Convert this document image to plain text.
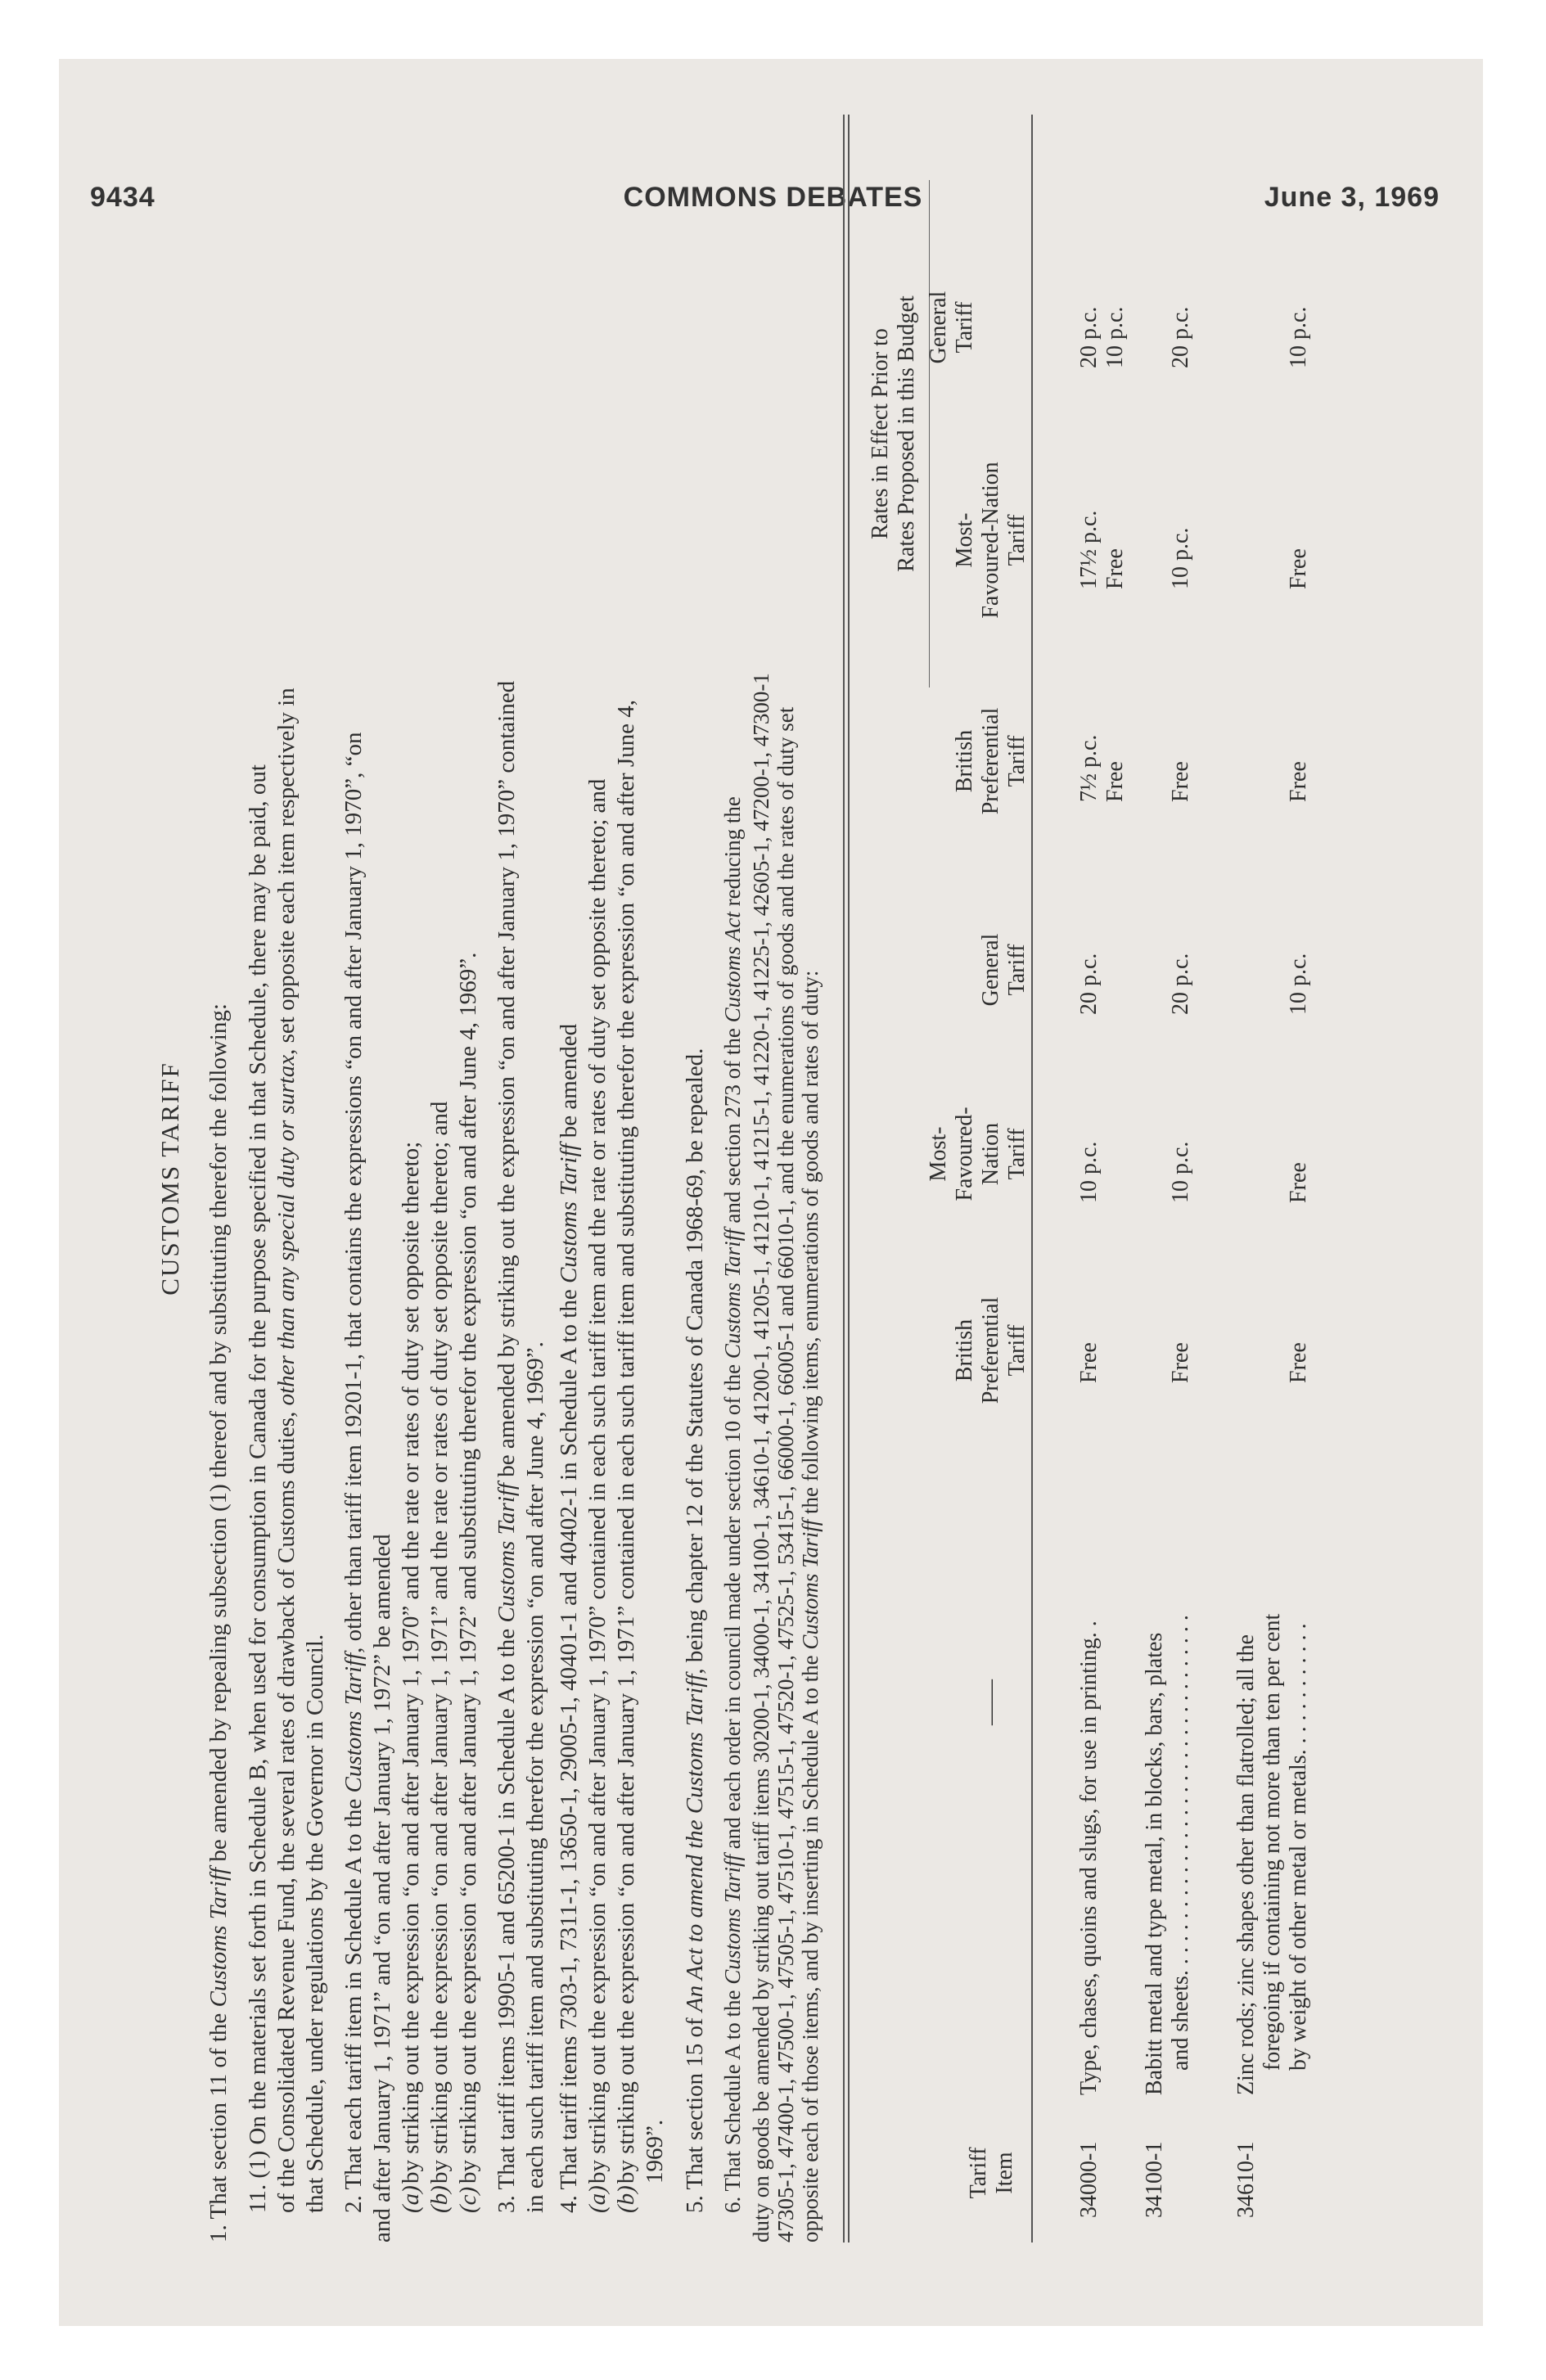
9434	COMMONS DEBATES	June 3, 1969
CUSTOMS TARIFF

1. That section 11 of the Customs Tariff be amended by repealing subsection (1) thereof and by substituting therefor the following: 11. (1) On the materials set forth in Schedule B, when used for consumption in Canada for the purpose specified in that Schedule, there may be paid, out of the Consolidated Revenue Fund, the several rates of drawback of Customs duties, other than any special duty or surtax, set opposite each item respectively in

that Schedule, under regulations by the Governor in Council. 2. That each tariff item in Schedule A to the Customs Tariff, other than tariff item 19201-1, that contains the expressions “on and after January 1, 1970”, “on

and after January 1, 1971” and “on and after January 1, 1972” be amended (a)by striking out the expression “on and after January 1, 1970” and the rate or rates of duty set opposite thereto;

(b)by striking out the expression “on and after January 1, 1971” and the rate or rates of duty set opposite thereto; and

(c)by striking out the expression “on and after January 1, 1972” and substituting therefor the expression “on and after June 4, 1969”. 3. That tariff items 19905-1 and 65200-1 in Schedule A to the Customs Tariff be amended by striking out the expression “on and after January 1, 1970” contained

in each such tariff item and substituting therefor the expression “on and after June 4, 1969”. 4. That tariff items 7303-1, 7311-1, 13650-1, 29005-1, 40401-1 and 40402-1 in Schedule A to the Customs Tariff be amended

(a)by striking out the expression “on and after January 1, 1970” contained in each such tariff item and the rate or rates of duty set opposite thereto; and

(b)by striking out the expression “on and after January 1, 1971” contained in each such tariff item and substituting therefor the expression “on and after June 4, 1969”. 5. That section 15 of An Act to amend the Customs Tariff, being chapter 12 of the Statutes of Canada 1968-69, be repealed.

6. That Schedule A to the Customs Tariff and each order in council made under section 10 of the Customs Tariff and section 273 of the Customs Act reducing the duty on goods be amended by striking out tariff items 30200-1, 34000-1, 34100-1, 34610-1, 41200-1, 41205-1, 41210-1, 41215-1, 41220-1, 41225-1, 42605-1, 47200-1, 47300-1 47305-1, 47400-1, 47500-1, 47505-1, 47510-1, 47515-1, 47520-1, 47525-1, 53415-1, 66000-1, 66005-1 and 66010-1, and the enumerations of goods and the rates of duty set opposite each of those items, and by inserting in Schedule A to the Customs Tariff the following items, enumerations of goods and rates of duty:
Rates in Effect Prior to Rates Proposed in this Budget
Tariff Item
——
British Preferential Tariff
Most- Favoured- Nation Tariff
General Tariff
British Preferential Tariff
Most- Favoured-Nation Tariff
General Tariff
34000-1
Type, chases, quoins and slugs, for use in printing. .
Free
10 p.c.
20 p.c.
7½ p.c. Free
17½ p.c. Free
20 p.c. 10 p.c.
34100-1
Babitt metal and type metal, in blocks, bars, plates and sheets. . . . . . . . . . . . . . . . . . . . . . . . . . . . . . . .
Free
10 p.c.
20 p.c.
Free
10 p.c.
20 p.c.
34610-1
Zinc rods; zinc shapes other than flatrolled; all the foregoing if containing not more than ten per cent by weight of other metal or metals. . . . . . . . . . . .
Free
Free
10 p.c.
Free
Free
10 p.c.
